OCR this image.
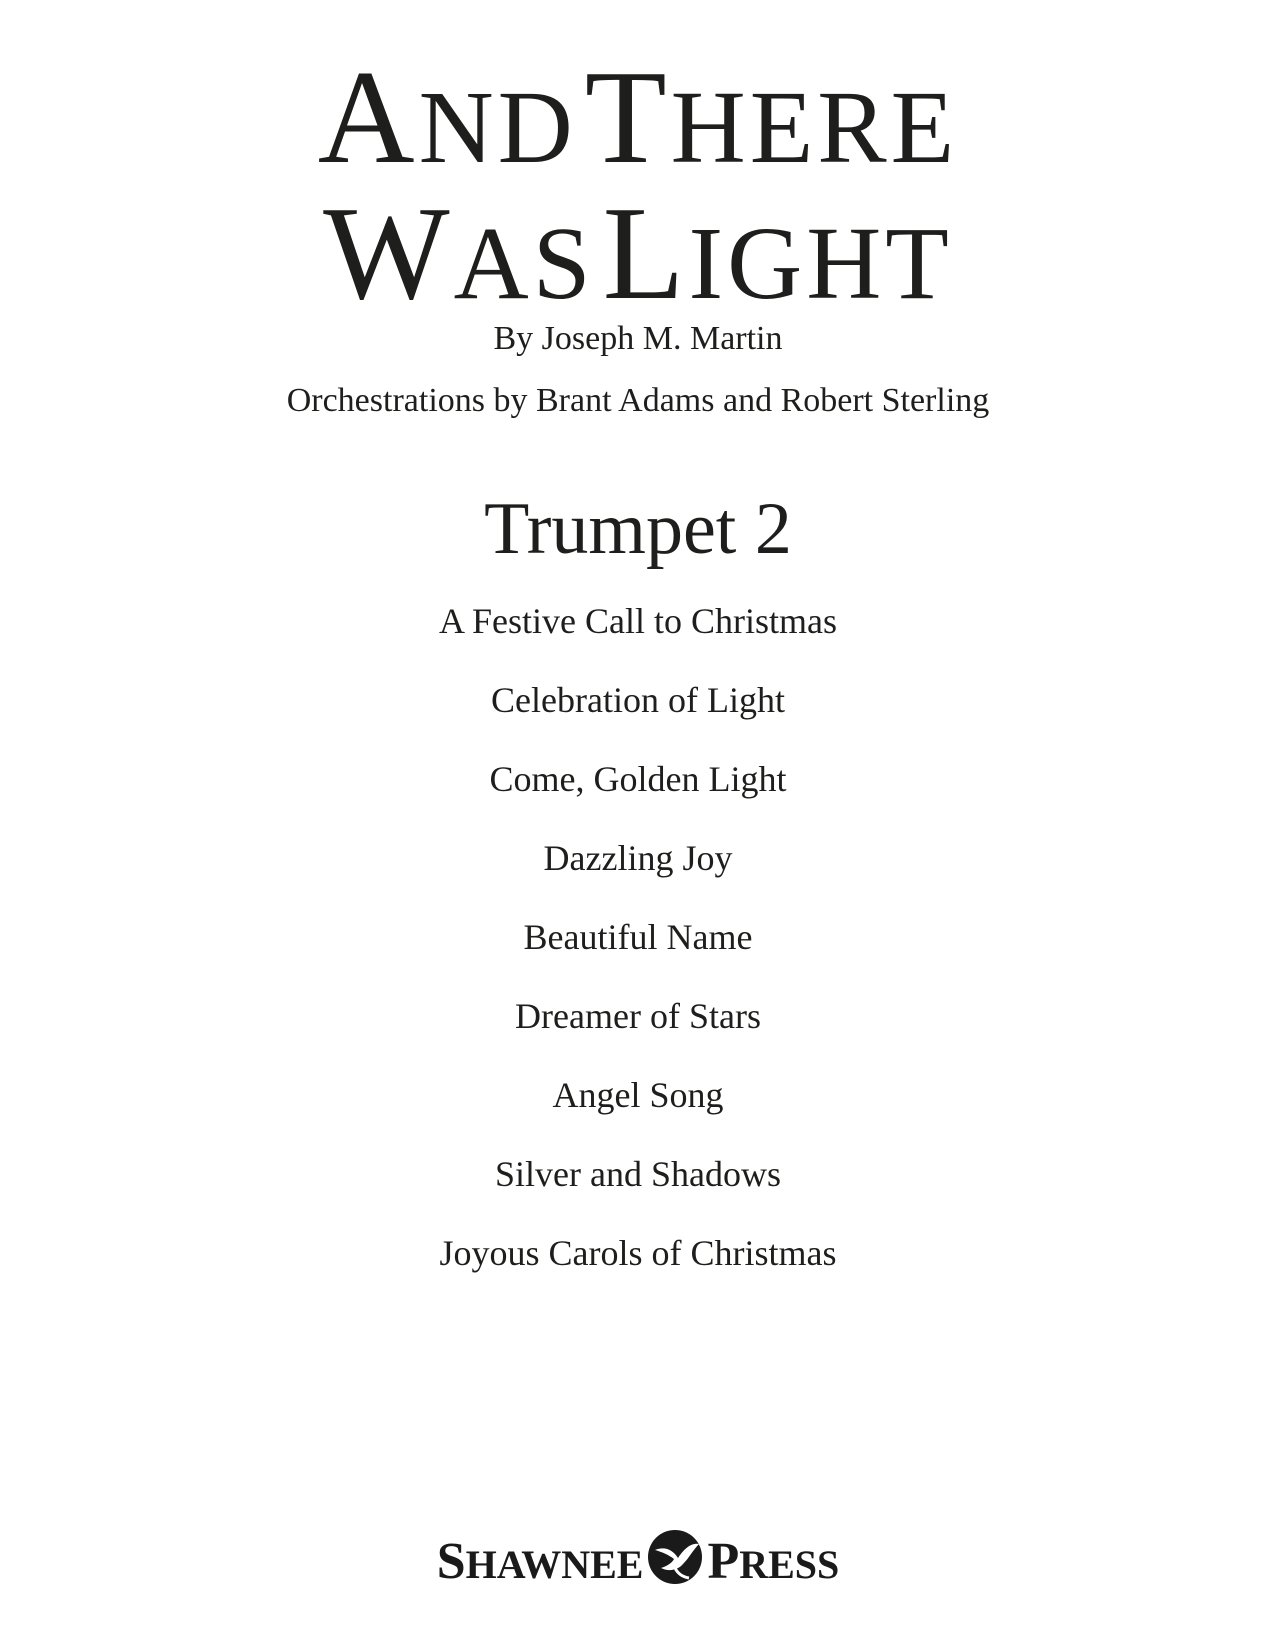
AND THERE
WAS LIGHT
By Joseph M. Martin
Orchestrations by Brant Adams and Robert Sterling
Trumpet 2
A Festive Call to Christmas
Celebration of Light
Come, Golden Light
Dazzling Joy
Beautiful Name
Dreamer of Stars
Angel Song
Silver and Shadows
Joyous Carols of Christmas
SHAWNEE PRESS
